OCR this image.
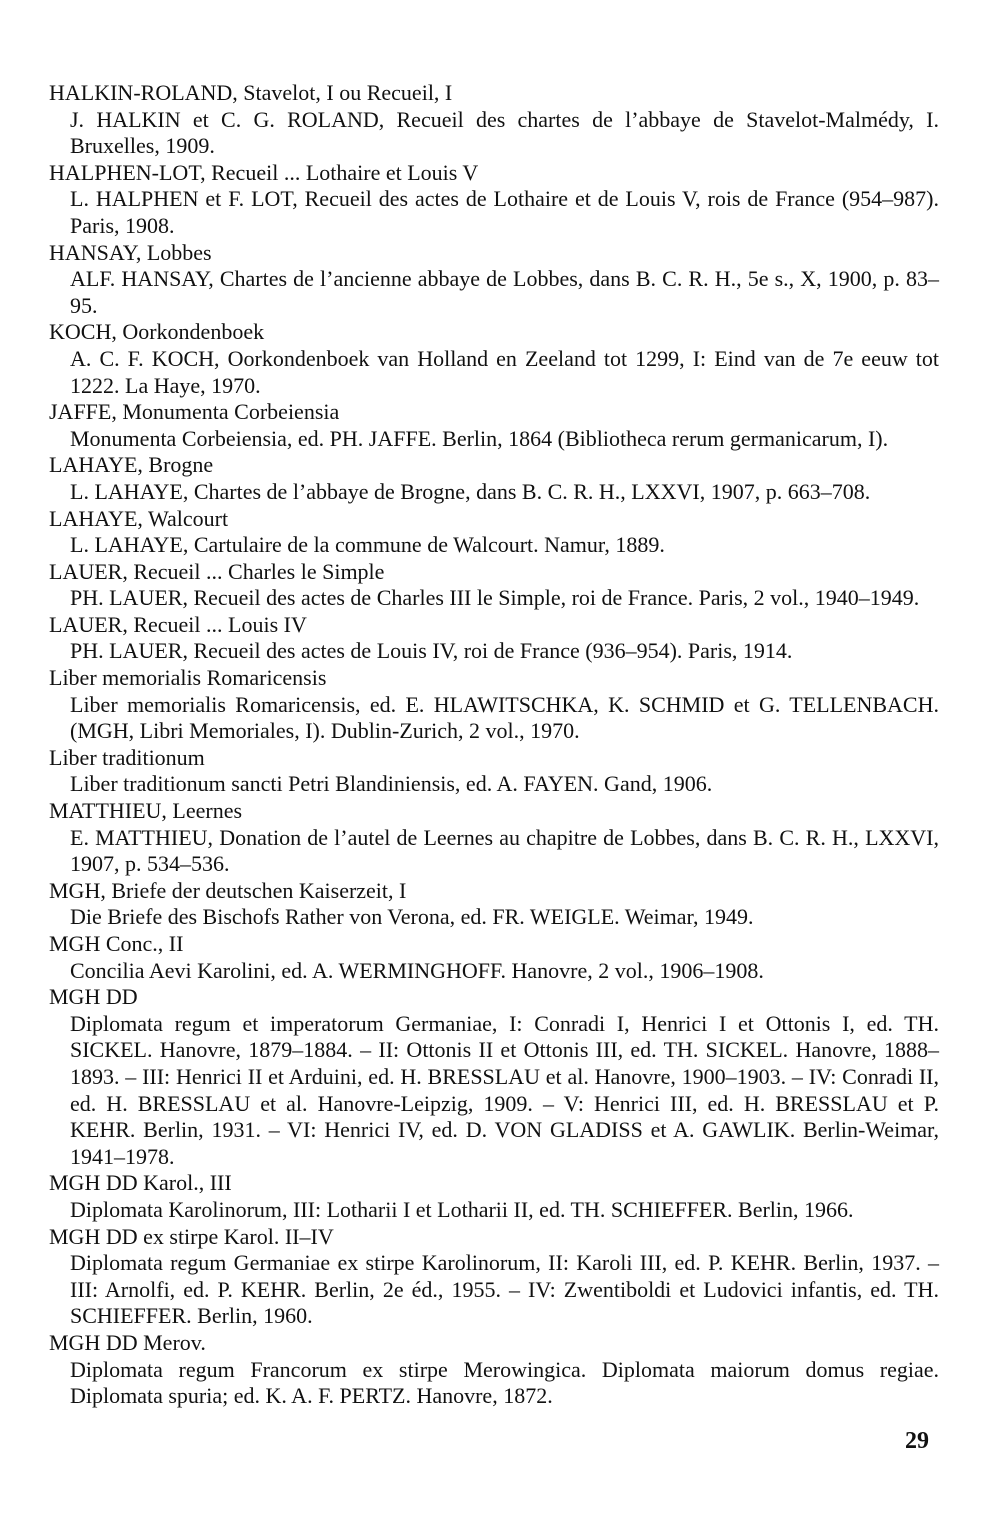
HALKIN-ROLAND, Stavelot, I ou Recueil, I

J. HALKIN et C. G. ROLAND, Recueil des chartes de l’abbaye de Stavelot-Malmédy, I. Bruxelles, 1909.

HALPHEN-LOT, Recueil ... Lothaire et Louis V

L. HALPHEN et F. LOT, Recueil des actes de Lothaire et de Louis V, rois de France (954–987). Paris, 1908.

HANSAY, Lobbes

ALF. HANSAY, Chartes de l’ancienne abbaye de Lobbes, dans B. C. R. H., 5e s., X, 1900, p. 83–95.

KOCH, Oorkondenboek

A. C. F. KOCH, Oorkondenboek van Holland en Zeeland tot 1299, I: Eind van de 7e eeuw tot 1222. La Haye, 1970.

JAFFE, Monumenta Corbeiensia

Monumenta Corbeiensia, ed. PH. JAFFE. Berlin, 1864 (Bibliotheca rerum germanicarum, I).

LAHAYE, Brogne

L. LAHAYE, Chartes de l’abbaye de Brogne, dans B. C. R. H., LXXVI, 1907, p. 663–708.

LAHAYE, Walcourt

L. LAHAYE, Cartulaire de la commune de Walcourt. Namur, 1889.

LAUER, Recueil ... Charles le Simple

PH. LAUER, Recueil des actes de Charles III le Simple, roi de France. Paris, 2 vol., 1940–1949.

LAUER, Recueil ... Louis IV

PH. LAUER, Recueil des actes de Louis IV, roi de France (936–954). Paris, 1914.

Liber memorialis Romaricensis

Liber memorialis Romaricensis, ed. E. HLAWITSCHKA, K. SCHMID et G. TELLENBACH. (MGH, Libri Memoriales, I). Dublin-Zurich, 2 vol., 1970.

Liber traditionum

Liber traditionum sancti Petri Blandiniensis, ed. A. FAYEN. Gand, 1906.

MATTHIEU, Leernes

E. MATTHIEU, Donation de l’autel de Leernes au chapitre de Lobbes, dans B. C. R. H., LXXVI, 1907, p. 534–536.

MGH, Briefe der deutschen Kaiserzeit, I

Die Briefe des Bischofs Rather von Verona, ed. FR. WEIGLE. Weimar, 1949.

MGH Conc., II

Concilia Aevi Karolini, ed. A. WERMINGHOFF. Hanovre, 2 vol., 1906–1908.

MGH DD

Diplomata regum et imperatorum Germaniae, I: Conradi I, Henrici I et Ottonis I, ed. TH. SICKEL. Hanovre, 1879–1884. – II: Ottonis II et Ottonis III, ed. TH. SICKEL. Hanovre, 1888–1893. – III: Henrici II et Arduini, ed. H. BRESSLAU et al. Hanovre, 1900–1903. – IV: Conradi II, ed. H. BRESSLAU et al. Hanovre-Leipzig, 1909. – V: Henrici III, ed. H. BRESSLAU et P. KEHR. Berlin, 1931. – VI: Henrici IV, ed. D. VON GLADISS et A. GAWLIK. Berlin-Weimar, 1941–1978.

MGH DD Karol., III

Diplomata Karolinorum, III: Lotharii I et Lotharii II, ed. TH. SCHIEFFER. Berlin, 1966.

MGH DD ex stirpe Karol. II–IV

Diplomata regum Germaniae ex stirpe Karolinorum, II: Karoli III, ed. P. KEHR. Berlin, 1937. – III: Arnolfi, ed. P. KEHR. Berlin, 2e éd., 1955. – IV: Zwentiboldi et Ludovici infantis, ed. TH. SCHIEFFER. Berlin, 1960.

MGH DD Merov.

Diplomata regum Francorum ex stirpe Merowingica. Diplomata maiorum domus regiae. Diplomata spuria; ed. K. A. F. PERTZ. Hanovre, 1872.

29
